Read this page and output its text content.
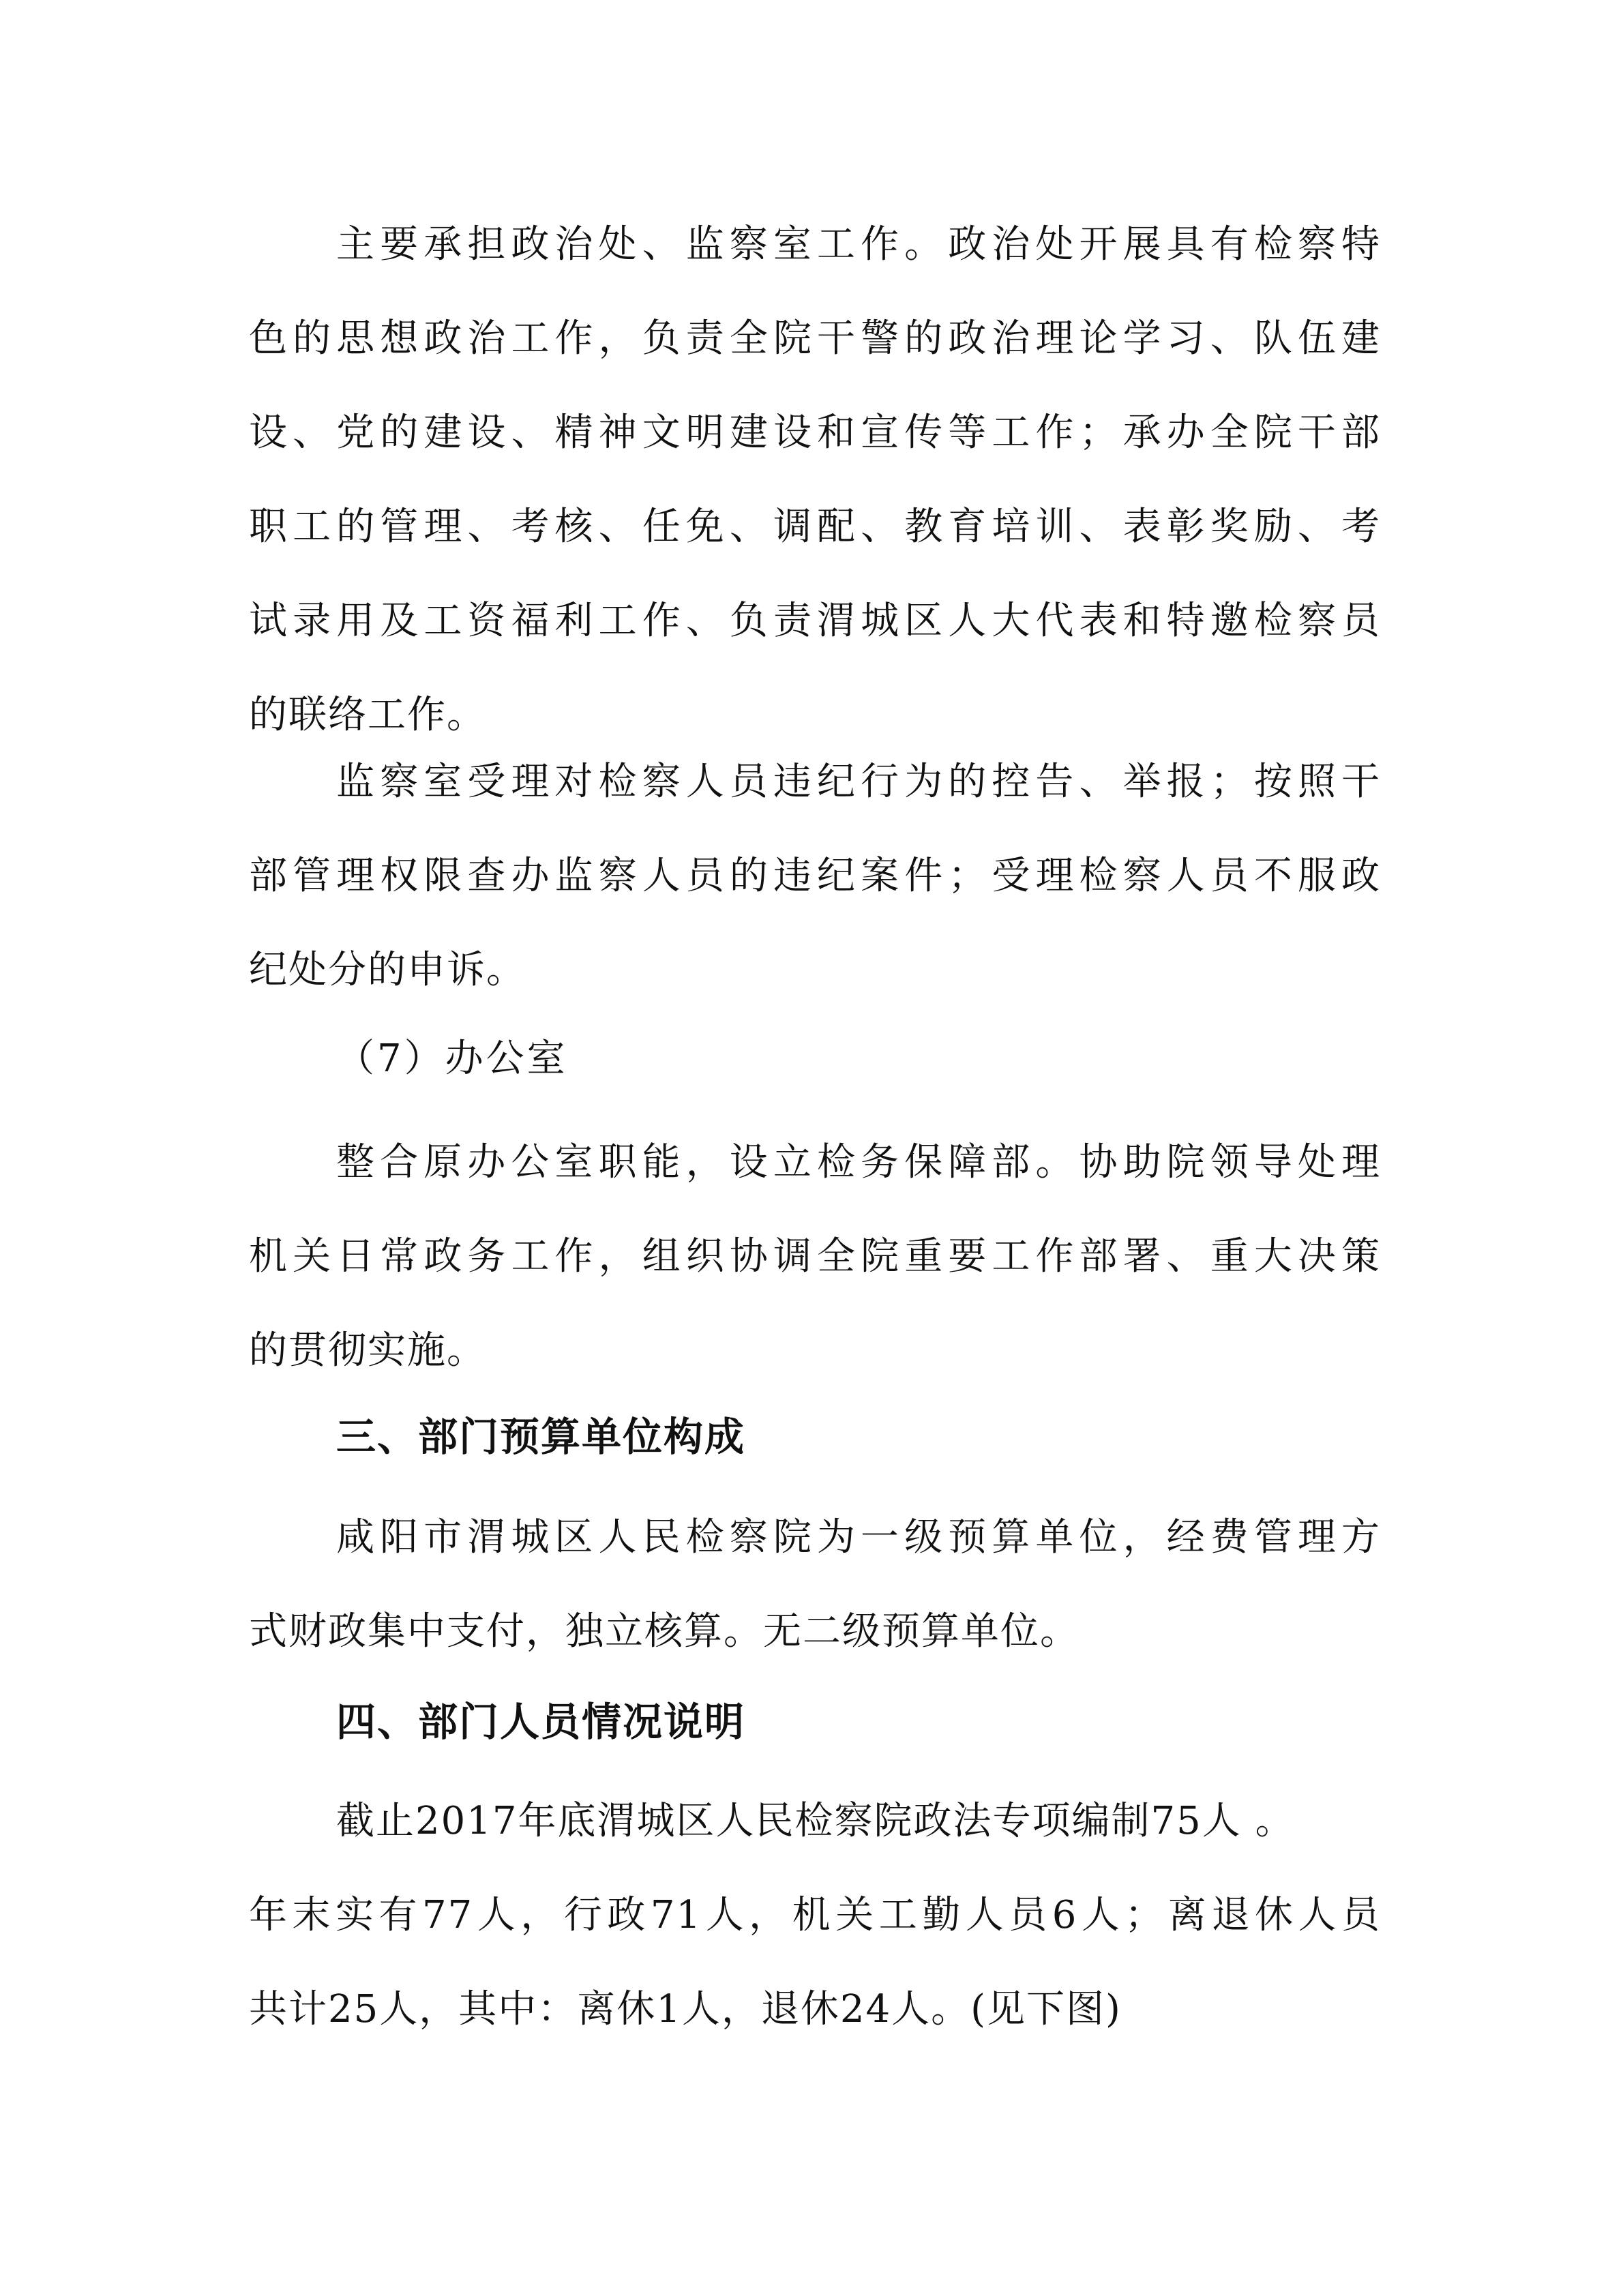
主要承担政治处、监察室工作。政治处开展具有检察特
色的思想政治工作，负责全院干警的政治理论学习、队伍建
设、党的建设、精神文明建设和宣传等工作；承办全院干部
职工的管理、考核、任免、调配、教育培训、表彰奖励、考
试录用及工资福利工作、负责渭城区人大代表和特邀检察员
的联络工作。
监察室受理对检察人员违纪行为的控告、举报；按照干
部管理权限查办监察人员的违纪案件；受理检察人员不服政
纪处分的申诉。
（7）办公室
整合原办公室职能，设立检务保障部。协助院领导处理
机关日常政务工作，组织协调全院重要工作部署、重大决策
的贯彻实施。
三、部门预算单位构成
咸阳市渭城区人民检察院为一级预算单位，经费管理方
式财政集中支付，独立核算。无二级预算单位。
四、部门人员情况说明
截止2017年底渭城区人民检察院政法专项编制75人 。
年末实有77人，行政71人，机关工勤人员6人；离退休人员
共计25人，其中：离休1人，退休24人。(见下图)
